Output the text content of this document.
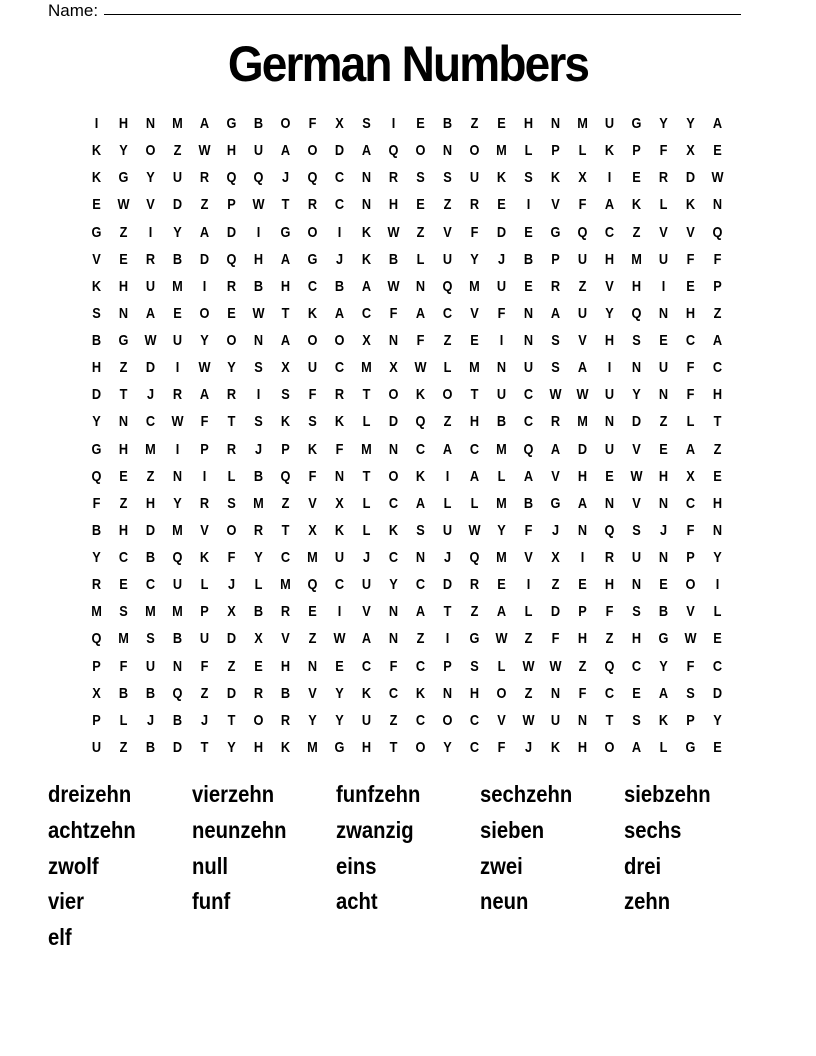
Name:
German Numbers
I	H	N	M	A	G	B	O	F	X	S	I	E	B	Z	E	H	N	M	U	G	Y	Y	A
K	Y	O	Z	W	H	U	A	O	D	A	Q	O	N	O	M	L	P	L	K	P	F	X	E
K	G	Y	U	R	Q	Q	J	Q	C	N	R	S	S	U	K	S	K	X	I	E	R	D	W
E	W	V	D	Z	P	W	T	R	C	N	H	E	Z	R	E	I	V	F	A	K	L	K	N
G	Z	I	Y	A	D	I	G	O	I	K	W	Z	V	F	D	E	G	Q	C	Z	V	V	Q
V	E	R	B	D	Q	H	A	G	J	K	B	L	U	Y	J	B	P	U	H	M	U	F	F
K	H	U	M	I	R	B	H	C	B	A	W	N	Q	M	U	E	R	Z	V	H	I	E	P
S	N	A	E	O	E	W	T	K	A	C	F	A	C	V	F	N	A	U	Y	Q	N	H	Z
B	G	W	U	Y	O	N	A	O	O	X	N	F	Z	E	I	N	S	V	H	S	E	C	A
H	Z	D	I	W	Y	S	X	U	C	M	X	W	L	M	N	U	S	A	I	N	U	F	C
D	T	J	R	A	R	I	S	F	R	T	O	K	O	T	U	C	W W	U	Y	N	F	H
Y	N	C	W	F	T	S	K	S	K	L	D	Q	Z	H	B	C	R	M	N	D	Z	L	T
G	H	M	I	P	R	J	P	K	F	M	N	C	A	C	M	Q	A	D	U	V	E	A	Z
Q	E	Z	N	I	L	B	Q	F	N	T	O	K	I	A	L	A	V	H	E	W	H	X	E
F	Z	H	Y	R	S	M	Z	V	X	L	C	A	L	L	M	B	G	A	N	V	N	C	H
B	H	D	M	V	O	R	T	X	K	L	K	S	U	W	Y	F	J	N	Q	S	J	F	N
Y	C	B	Q	K	F	Y	C	M	U	J	C	N	J	Q	M	V	X	I	R	U	N	P	Y
R	E	C	U	L	J	L	M	Q	C	U	Y	C	D	R	E	I	Z	E	H	N	E	O	I
M	S	M	M	P	X	B	R	E	I	V	N	A	T	Z	A	L	D	P	F	S	B	V	L
Q	M	S	B	U	D	X	V	Z	W	A	N	Z	I	G	W	Z	F	H	Z	H	G	W	E
P	F	U	N	F	Z	E	H	N	E	C	F	C	P	S	L	W W	Z	Q	C	Y	F	C
X	B	B	Q	Z	D	R	B	V	Y	K	C	K	N	H	O	Z	N	F	C	E	A	S	D
P	L	J	B	J	T	O	R	Y	Y	U	Z	C	O	C	V	W	U	N	T	S	K	P	Y
U	Z	B	D	T	Y	H	K	M	G	H	T	O	Y	C	F	J	K	H	O	A	L	G	E
dreizehn	vierzehn	funfzehn	sechzehn	siebzehn
achtzehn	neunzehn	zwanzig	sieben	sechs
zwolf	null	eins	zwei	drei
vier	funf	acht	neun	zehn
elf
